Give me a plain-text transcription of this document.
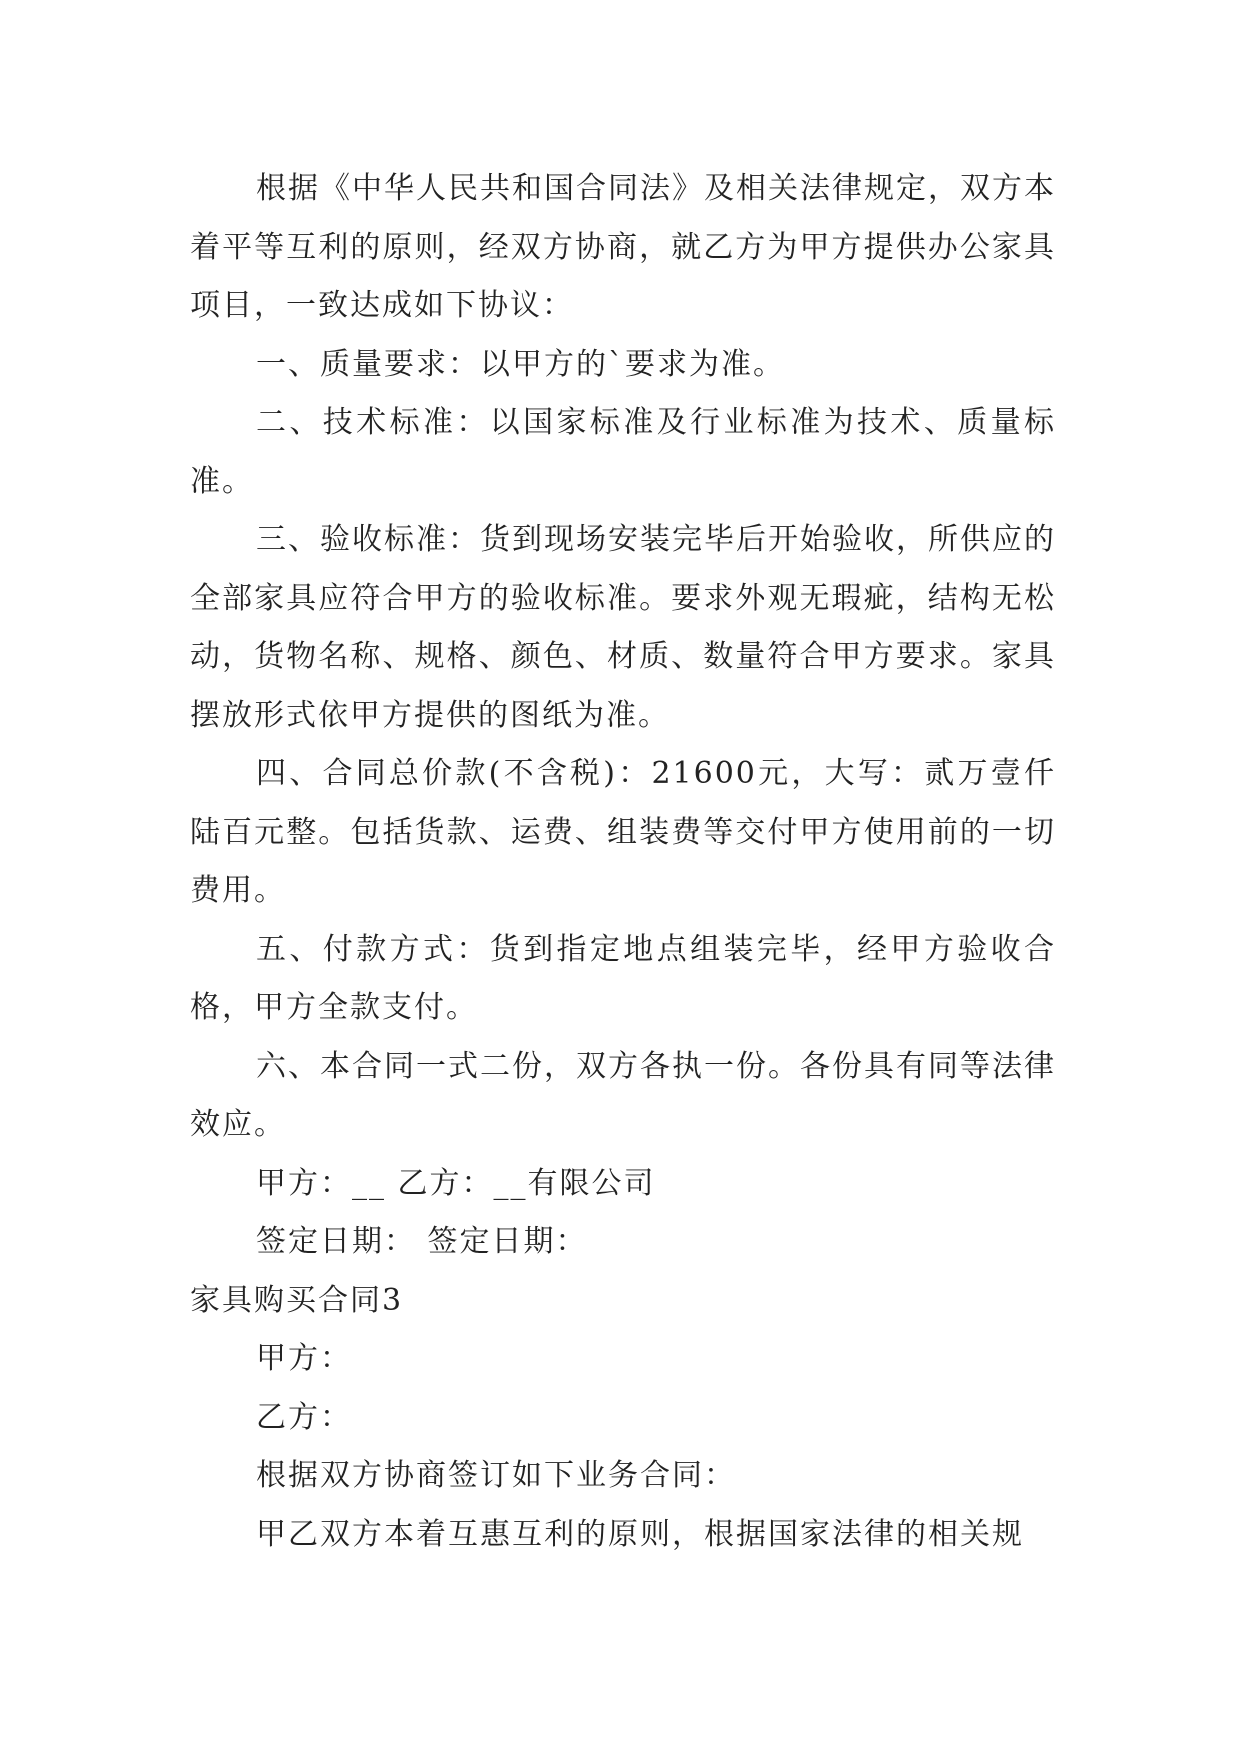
根据《中华人民共和国合同法》及相关法律规定，双方本着平等互利的原则，经双方协商，就乙方为甲方提供办公家具项目，一致达成如下协议：

一、质量要求：以甲方的`要求为准。

二、技术标准：以国家标准及行业标准为技术、质量标准。

三、验收标准：货到现场安装完毕后开始验收，所供应的全部家具应符合甲方的验收标准。要求外观无瑕疵，结构无松动，货物名称、规格、颜色、材质、数量符合甲方要求。家具摆放形式依甲方提供的图纸为准。

四、合同总价款(不含税)：21600元，大写：贰万壹仟陆百元整。包括货款、运费、组装费等交付甲方使用前的一切费用。

五、付款方式：货到指定地点组装完毕，经甲方验收合格，甲方全款支付。

六、本合同一式二份，双方各执一份。各份具有同等法律效应。

甲方：__ 乙方：__有限公司

签定日期： 签定日期：

家具购买合同3

甲方：

乙方：

根据双方协商签订如下业务合同：

甲乙双方本着互惠互利的原则，根据国家法律的相关规
